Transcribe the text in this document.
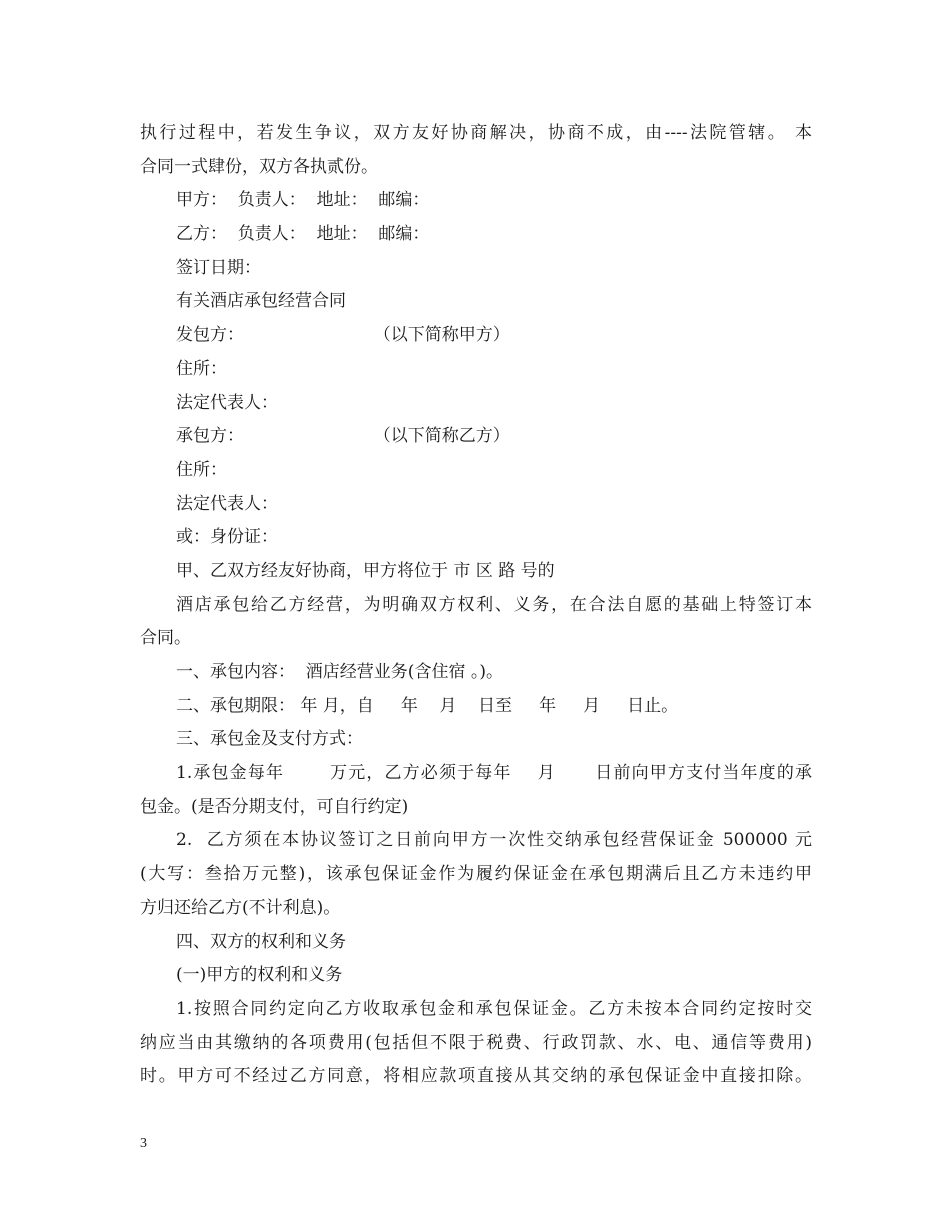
执行过程中，若发生争议，双方友好协商解决，协商不成，由----法院管辖。 本
合同一式肆份，双方各执贰份。
甲方：  负责人：  地址：  邮编：
乙方：  负责人：  地址：  邮编：
签订日期：
有关酒店承包经营合同
发包方：                        （以下简称甲方）
住所：
法定代表人：
承包方：                        （以下简称乙方）
住所：
法定代表人：
或：身份证：
甲、乙双方经友好协商，甲方将位于 市 区 路 号的
酒店承包给乙方经营，为明确双方权利、义务，在合法自愿的基础上特签订本
合同。
一、承包内容：  酒店经营业务(含住宿 。)。
二、承包期限： 年 月，自     年    月    日至     年     月     日止。
三、承包金及支付方式：
1.承包金每年       万元，乙方必须于每年    月      日前向甲方支付当年度的承
包金。(是否分期支付，可自行约定)
2.  乙方须在本协议签订之日前向甲方一次性交纳承包经营保证金 500000 元
(大写：叁拾万元整)，该承包保证金作为履约保证金在承包期满后且乙方未违约甲
方归还给乙方(不计利息)。
四、双方的权利和义务
(一)甲方的权利和义务
1.按照合同约定向乙方收取承包金和承包保证金。乙方未按本合同约定按时交
纳应当由其缴纳的各项费用(包括但不限于税费、行政罚款、水、电、通信等费用)
时。甲方可不经过乙方同意，将相应款项直接从其交纳的承包保证金中直接扣除。
3
